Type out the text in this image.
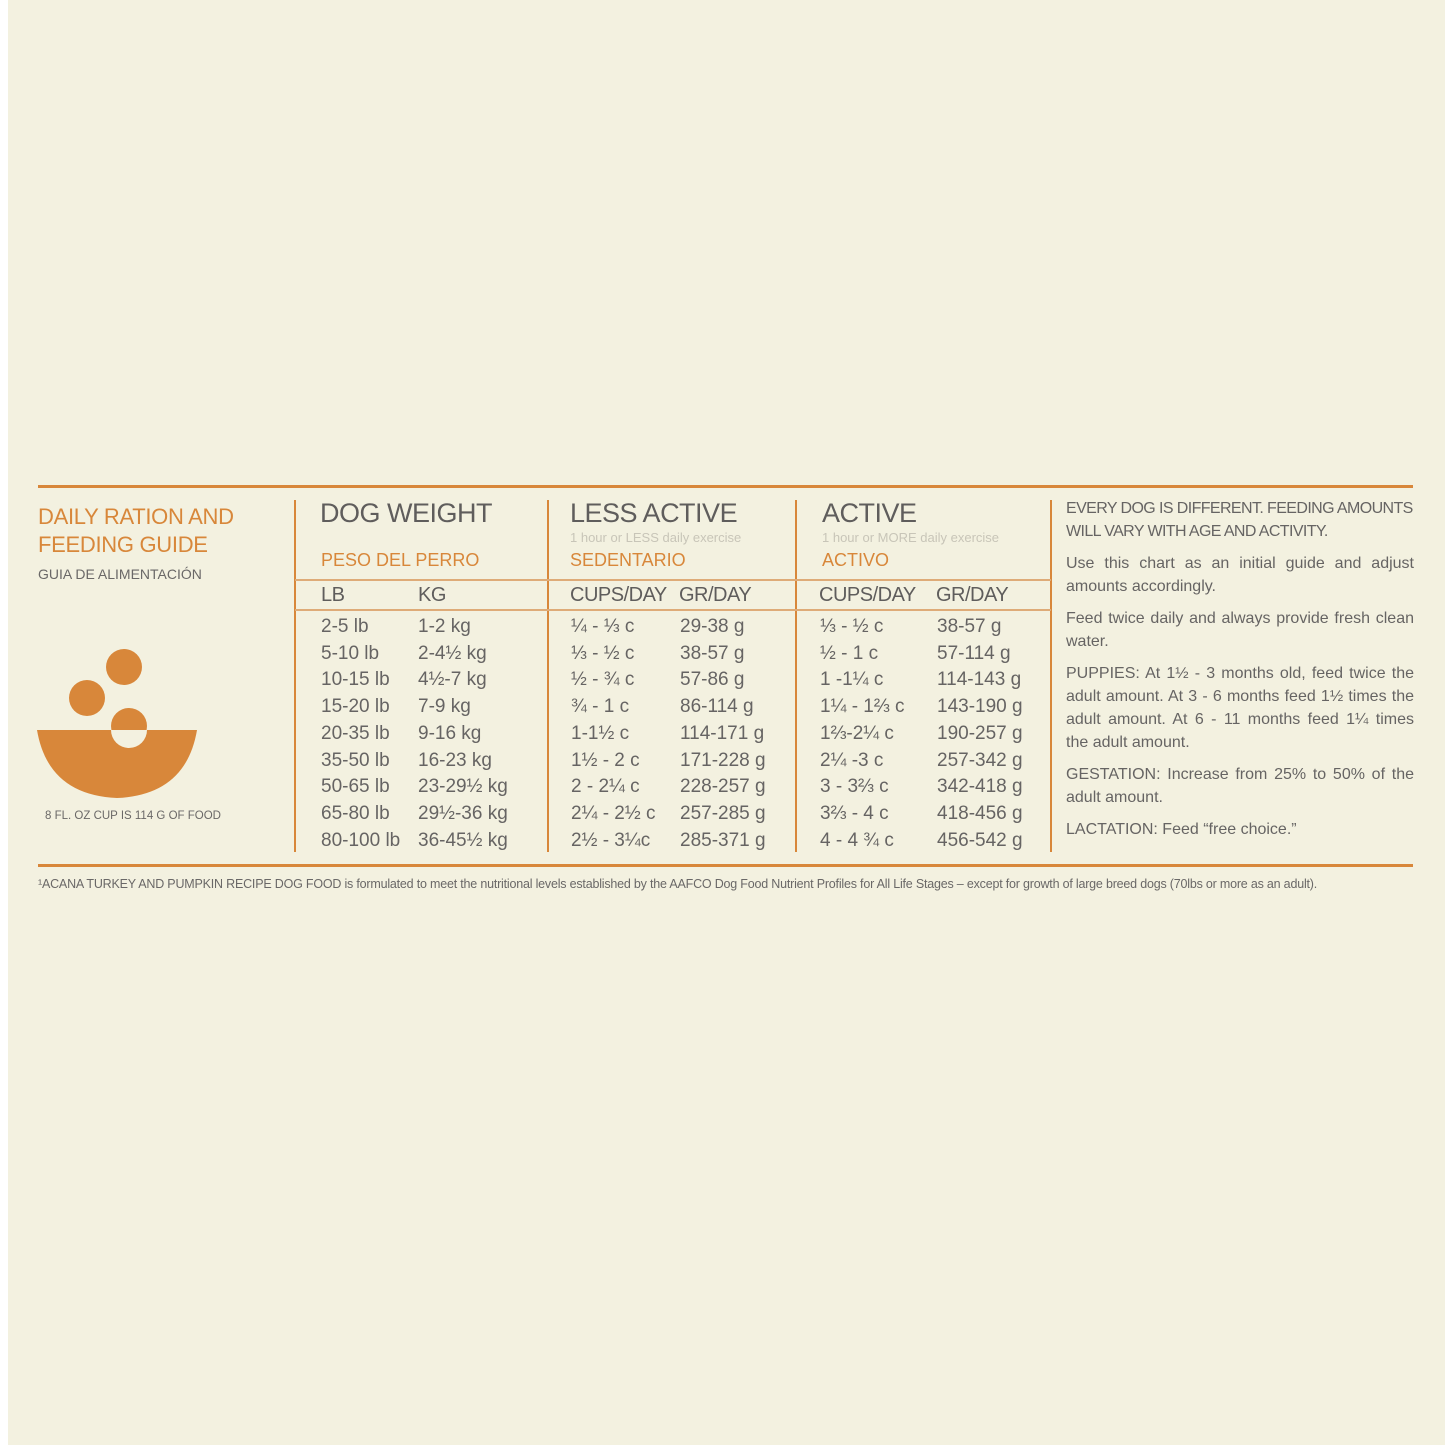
DAILY RATION AND
FEEDING GUIDE
GUIA DE ALIMENTACIÓN
8 FL. OZ CUP IS 114 G OF FOOD
DOG WEIGHT
PESO DEL PERRO
LB	KG
LESS ACTIVE
1 hour or LESS daily exercise
SEDENTARIO
CUPS/DAY GR/DAY
ACTIVE
1 hour or MORE daily exercise
ACTIVO
CUPS/DAY GR/DAY
2-5 lb	1-2 kg	¼ - ⅓ c 29-38 g	⅓ - ½ c	38-57 g
5-10 lb 2-4½ kg	⅓ - ½ c 38-57 g	½ - 1 c	57-114 g
10-15 lb 4½-7 kg	½ - ¾ c 57-86 g	1 -1¼ c	114-143 g
15-20 lb 7-9 kg	¾ - 1 c	86-114 g	1¼ - 1⅔ c 143-190 g
20-35 lb 9-16 kg	1-1½ c	114-171 g	1⅔-2¼ c 190-257 g
35-50 lb 16-23 kg	1½ - 2 c 171-228 g	2¼ -3 c	257-342 g
50-65 lb 23-29½ kg	2 - 2¼ c 228-257 g	3 - 3⅔ c	342-418 g
65-80 lb 29½-36 kg	2¼ - 2½ c 257-285 g	3⅔ - 4 c	418-456 g
80-100 lb 36-45½ kg	2½ - 3¼c 285-371 g	4 - 4 ¾ c 456-542 g

EVERY DOG IS DIFFERENT. FEEDING AMOUNTS WILL VARY WITH AGE AND ACTIVITY.

Use this chart as an initial guide and adjust amounts accordingly.

Feed twice daily and always provide fresh clean water.

PUPPIES: At 1½ - 3 months old, feed twice the adult amount. At 3 - 6 months feed 1½ times the adult amount. At 6 - 11 months feed 1¼ times the adult amount.

GESTATION: Increase from 25% to 50% of the adult amount.

LACTATION: Feed “free choice.”

¹ACANA TURKEY AND PUMPKIN RECIPE DOG FOOD is formulated to meet the nutritional levels established by the AAFCO Dog Food Nutrient Profiles for All Life Stages – except for growth of large breed dogs (70lbs or more as an adult).
